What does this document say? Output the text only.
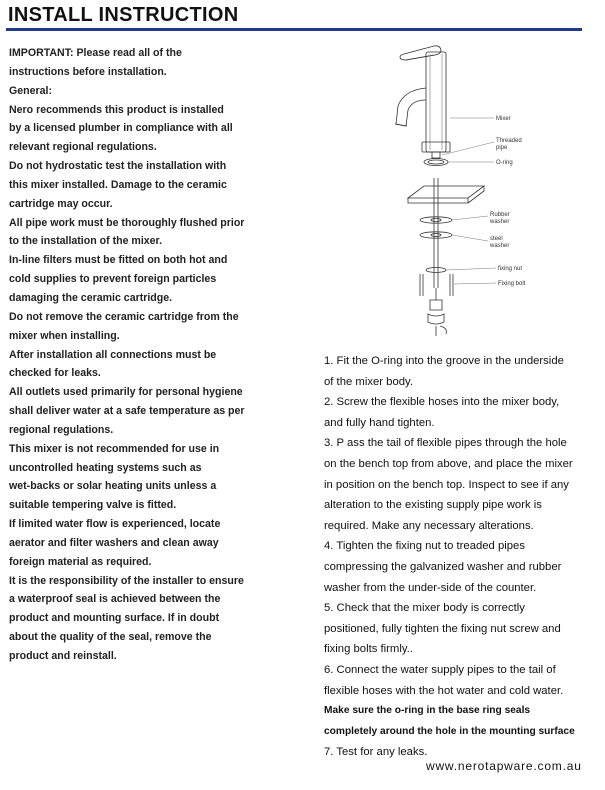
INSTALL INSTRUCTION
IMPORTANT: Please read all of the
instructions before installation.
General:
Nero recommends this product is installed
by a licensed plumber in compliance with all
relevant regional regulations.
Do not hydrostatic test the installation with
this mixer installed. Damage to the ceramic
cartridge may occur.
All pipe work must be thoroughly flushed prior
to the installation of the mixer.
In-line filters must be fitted on both hot and
cold supplies to prevent foreign particles
damaging the ceramic cartridge.
Do not remove the ceramic cartridge from the
mixer when installing.
After installation all connections must be
checked for leaks.
All outlets used primarily for personal hygiene
shall deliver water at a safe temperature as per
regional regulations.
This mixer is not recommended for use in
uncontrolled heating systems such as
wet-backs or solar heating units unless a
suitable tempering valve is fitted.
If limited water flow is experienced, locate
aerator and filter washers and clean away
foreign material as required.
It is the responsibility of the installer to ensure
a waterproof seal is achieved between the
product and mounting surface. If in doubt
about the quality of the seal, remove the
product and reinstall.
Mixer
Threaded
pipe
O-ring
Rubber
washer
steel
washer
fixing nut
Fixing bolt
1. Fit the O-ring into the groove in the underside
of the mixer body.
2. Screw the flexible hoses into the mixer body,
and fully hand tighten.
3. P ass the tail of flexible pipes through the hole
on the bench top from above, and place the mixer
in position on the bench top. Inspect to see if any
alteration to the existing supply pipe work is
required. Make any necessary alterations.
4. Tighten the fixing nut to treaded pipes
compressing the galvanized washer and rubber
washer from the under-side of the counter.
5. Check that the mixer body is correctly
positioned, fully tighten the fixing nut screw and
fixing bolts firmly..
6. Connect the water supply pipes to the tail of
flexible hoses with the hot water and cold water.
Make sure the o-ring in the base ring seals
completely around the hole in the mounting surface
7. Test for any leaks.
www.nerotapware.com.au
